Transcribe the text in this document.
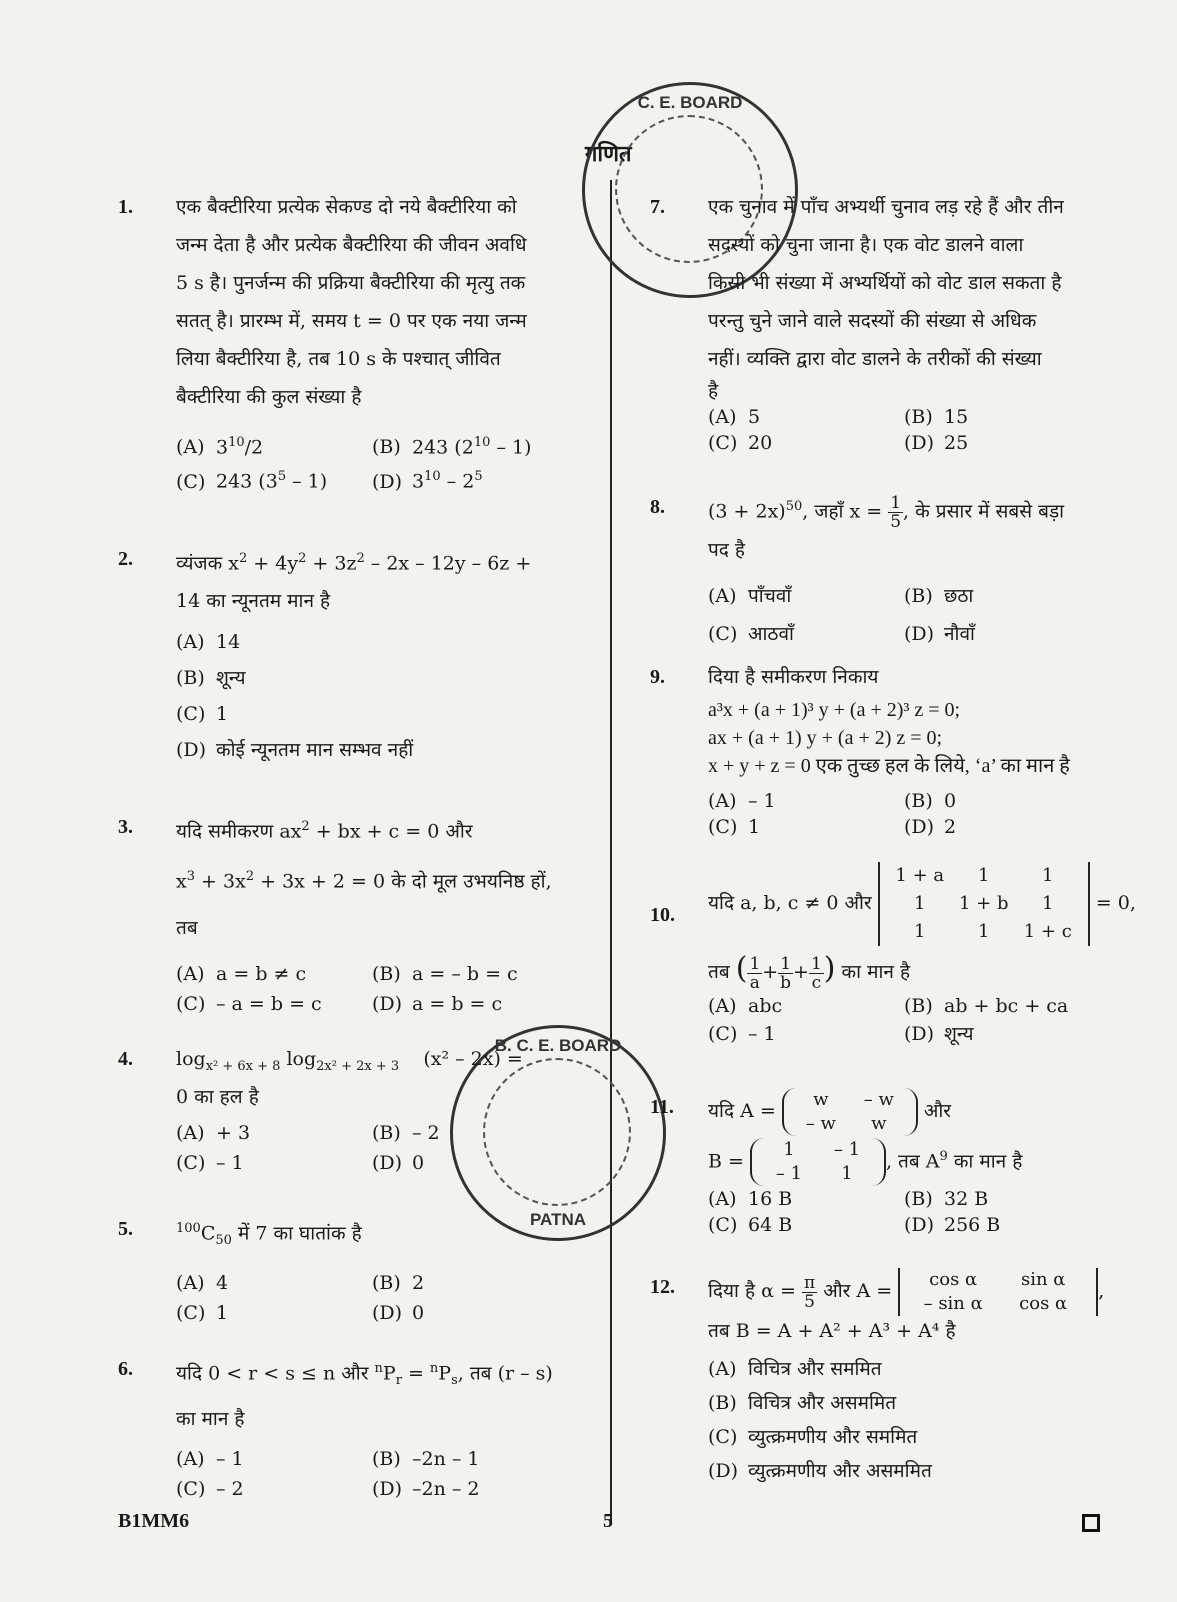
गणित
C. E. BOARD
B. C. E. BOARD
PATNA
1. एक बैक्टीरिया प्रत्येक सेकण्ड दो नये बैक्टीरिया को
जन्म देता है और प्रत्येक बैक्टीरिया की जीवन अवधि
5 s है। पुनर्जन्म की प्रक्रिया बैक्टीरिया की मृत्यु तक
सतत् है। प्रारम्भ में, समय t = 0 पर एक नया जन्म
लिया बैक्टीरिया है, तब 10 s के पश्चात् जीवित
बैक्टीरिया की कुल संख्या है
(A) $3^{10}/2$	(B) 243 $(2^{10} - 1)$
(C) 243 $(3^5 - 1)$	(D) $3^{10} - 2^5$
2. व्यंजक $x^2 + 4y^2 + 3z^2 - 2x - 12y - 6z$ +
14 का न्यूनतम मान है
(A) 14
(B) शून्य
(C) 1
(D) कोई न्यूनतम मान सम्भव नहीं
3. यदि समीकरण $ax^2$ + bx + c = 0 और
$x^3 + 3x^2 + 3x + 2 = 0$ के दो मूल उभयनिष्ठ हों,
तब
(A) a = b ≠ c	(B) a = – b = c
(C) – a = b = c	(D) a = b = c
4. $\log_{x^2 + 6x + 8} \log_{2x^2 + 2x + 3} (x^2 - 2x)$ =
0 का हल है
(A) + 3	(B) – 2
(C) – 1	(D) 0
5.	$^{100}C_{50}$ में 7 का घातांक है
(A) 4	(B) 2
(C) 1	(D) 0
6. यदि 0 < r < s ≤ n और $^nP_r = ^nP_s$, तब (r – s)
का मान है
(A) – 1	(B) –2n – 1
(C) – 2	(D) –2n – 2
7. एक चुनाव में पाँच अभ्यर्थी चुनाव लड़ रहे हैं और तीन
सदस्यों को चुना जाना है। एक वोट डालने वाला
किसी भी संख्या में अभ्यर्थियों को वोट डाल सकता है
परन्तु चुने जाने वाले सदस्यों की संख्या से अधिक
नहीं। व्यक्ति द्वारा वोट डालने के तरीकों की संख्या
है
(A) 5	(B) 15
(C) 20	(D) 25
8. $(3 + 2x)^{50}$, जहाँ $x = \frac{1}{5}$ , के प्रसार में सबसे बड़ा
पद है
(A) पाँचवाँ	(B) छठा
(C) आठवाँ	(D) नौवाँ
9. दिया है समीकरण निकाय
a³x + (a + 1)³ y + (a + 2)³ z = 0;
ax + (a + 1) y + (a + 2) z = 0;
x + y + z = 0 एक तुच्छ हल के लिये, ‘a’ का मान है
(A) – 1	(B) 0
(C) 1	(D) 2
10.
यदि a, b, c ≠ 0 और
1 + a	1	1
1	1 + b	1
1	1	1 + c
= 0,
तब ( $\frac{1}{a} + \frac{1}{b} + \frac{1}{c}$ ) का मान है
(A) abc	(B) ab + bc + ca
(C) – 1	(D) शून्य
11. यदि A =
w	– w
– w	w
और
B =
1	– 1
– 1	1
, तब $A^9$ का मान है
(A) 16 B	(B) 32 B
(C) 64 B	(D) 256 B
12. दिया है $\alpha = \frac{\pi}{5}$ और A =
cos α	sin α
– sin α	cos α
,
तब B = A + A² + A³ + A⁴ है
(A) विचित्र और सममित
(B) विचित्र और असममित
(C) व्युत्क्रमणीय और सममित
(D) व्युत्क्रमणीय और असममित
B1MM6	5
